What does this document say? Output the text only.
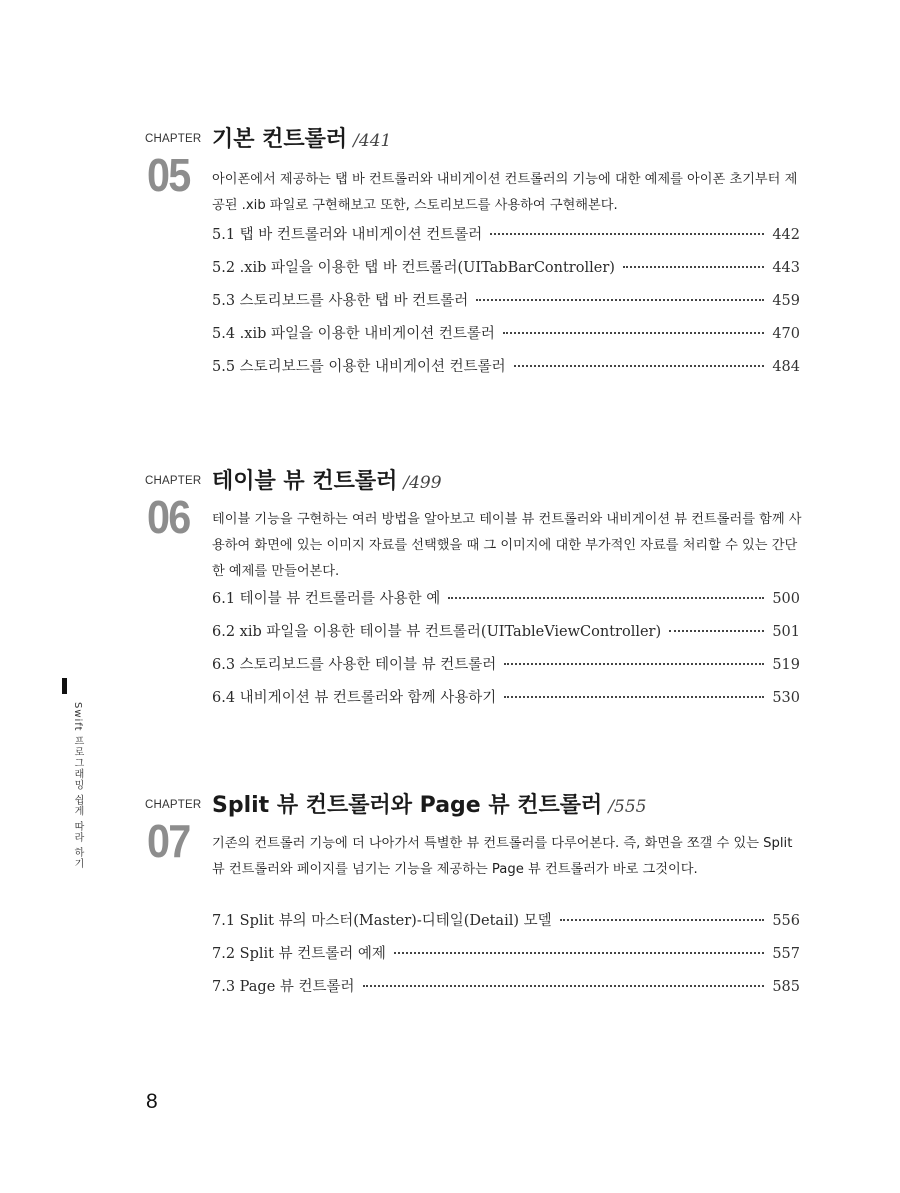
CHAPTER 기본 컨트롤러 /441
05 아이폰에서 제공하는 탭 바 컨트롤러와 내비게이션 컨트롤러의 기능에 대한 예제를 아이폰 초기부터 제공된 .xib 파일로 구현해보고 또한, 스토리보드를 사용하여 구현해본다.
5.1 탭 바 컨트롤러와 내비게이션 컨트롤러	442
5.2 .xib 파일을 이용한 탭 바 컨트롤러(UITabBarController)	443
5.3 스토리보드를 사용한 탭 바 컨트롤러	459
5.4 .xib 파일을 이용한 내비게이션 컨트롤러	470
5.5 스토리보드를 이용한 내비게이션 컨트롤러	484
CHAPTER 테이블 뷰 컨트롤러 /499
06 테이블 기능을 구현하는 여러 방법을 알아보고 테이블 뷰 컨트롤러와 내비게이션 뷰 컨트롤러를 함께 사용하여 화면에 있는 이미지 자료를 선택했을 때 그 이미지에 대한 부가적인 자료를 처리할 수 있는 간단한 예제를 만들어본다.
6.1 테이블 뷰 컨트롤러를 사용한 예	500
6.2 xib 파일을 이용한 테이블 뷰 컨트롤러(UITableViewController)	501
6.3 스토리보드를 사용한 테이블 뷰 컨트롤러	519
6.4 내비게이션 뷰 컨트롤러와 함께 사용하기	530
CHAPTER Split 뷰 컨트롤러와 Page 뷰 컨트롤러 /555
07 기존의 컨트롤러 기능에 더 나아가서 특별한 뷰 컨트롤러를 다루어본다. 즉, 화면을 쪼갤 수 있는 Split 뷰 컨트롤러와 페이지를 넘기는 기능을 제공하는 Page 뷰 컨트롤러가 바로 그것이다.
7.1 Split 뷰의 마스터(Master)-디테일(Detail) 모델	556
7.2 Split 뷰 컨트롤러 예제	557
7.3 Page 뷰 컨트롤러	585
Swift 프로그래밍 쉽게 따라 하기
8
